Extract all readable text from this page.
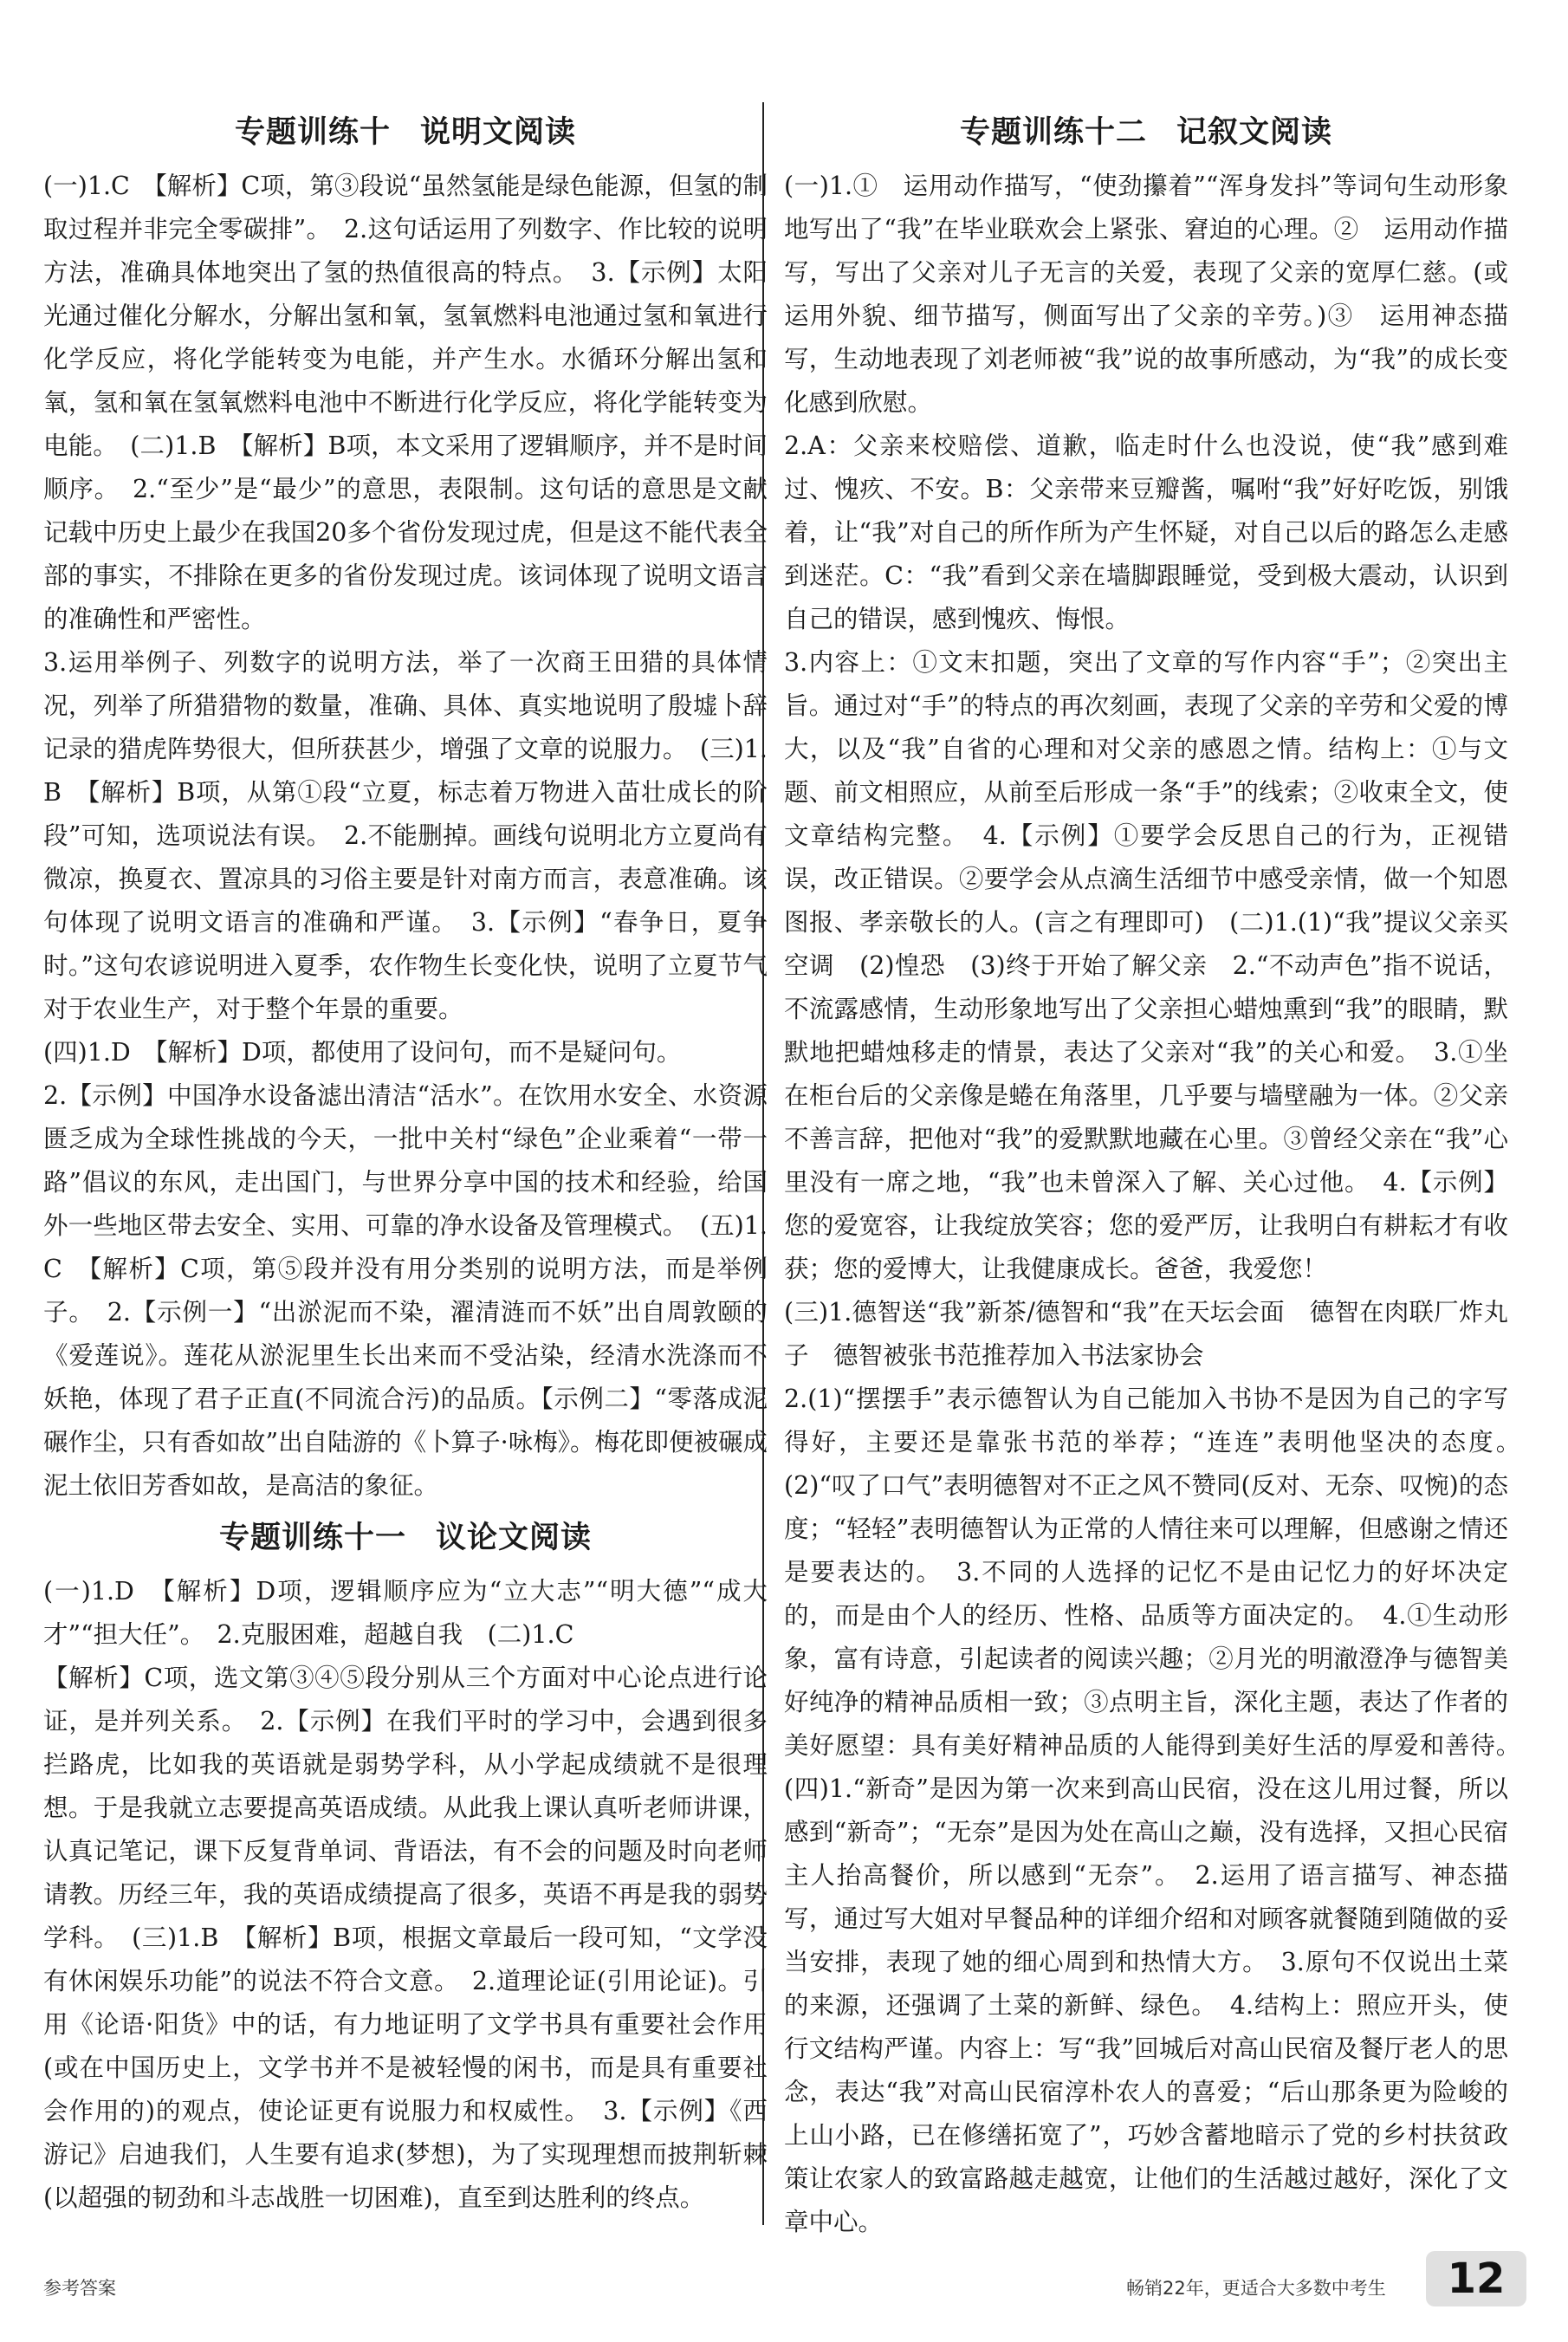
专题训练十 说明文阅读

(一)1.C　【解析】C项，第③段说“虽然氢能是绿色能源，但氢的制取过程并非完全零碳排”。　2.这句话运用了列数字、作比较的说明方法，准确具体地突出了氢的热值很高的特点。　3.【示例】太阳光通过催化分解水，分解出氢和氧，氢氧燃料电池通过氢和氧进行化学反应，将化学能转变为电能，并产生水。水循环分解出氢和氧，氢和氧在氢氧燃料电池中不断进行化学反应，将化学能转变为电能。　(二)1.B　【解析】B项，本文采用了逻辑顺序，并不是时间顺序。　2.“至少”是“最少”的意思，表限制。这句话的意思是文献记载中历史上最少在我国20多个省份发现过虎，但是这不能代表全部的事实，不排除在更多的省份发现过虎。该词体现了说明文语言的准确性和严密性。

3.运用举例子、列数字的说明方法，举了一次商王田猎的具体情况，列举了所猎猎物的数量，准确、具体、真实地说明了殷墟卜辞记录的猎虎阵势很大，但所获甚少，增强了文章的说服力。　(三)1.B　【解析】B项，从第①段“立夏，标志着万物进入苗壮成长的阶段”可知，选项说法有误。　2.不能删掉。画线句说明北方立夏尚有微凉，换夏衣、置凉具的习俗主要是针对南方而言，表意准确。该句体现了说明文语言的准确和严谨。　3.【示例】“春争日，夏争时。”这句农谚说明进入夏季，农作物生长变化快，说明了立夏节气对于农业生产，对于整个年景的重要。

(四)1.D　【解析】D项，都使用了设问句，而不是疑问句。

2.【示例】中国净水设备滤出清洁“活水”。在饮用水安全、水资源匮乏成为全球性挑战的今天，一批中关村“绿色”企业乘着“一带一路”倡议的东风，走出国门，与世界分享中国的技术和经验，给国外一些地区带去安全、实用、可靠的净水设备及管理模式。　(五)1.C　【解析】C项，第⑤段并没有用分类别的说明方法，而是举例子。　2.【示例一】“出淤泥而不染，濯清涟而不妖”出自周敦颐的《爱莲说》。莲花从淤泥里生长出来而不受沾染，经清水洗涤而不妖艳，体现了君子正直(不同流合污)的品质。【示例二】“零落成泥碾作尘，只有香如故”出自陆游的《卜算子·咏梅》。梅花即便被碾成泥土依旧芳香如故，是高洁的象征。

专题训练十一 议论文阅读

(一)1.D　【解析】D项，逻辑顺序应为“立大志”“明大德”“成大才”“担大任”。　2.克服困难，超越自我　(二)1.C

【解析】C项，选文第③④⑤段分别从三个方面对中心论点进行论证，是并列关系。　2.【示例】在我们平时的学习中，会遇到很多拦路虎，比如我的英语就是弱势学科，从小学起成绩就不是很理想。于是我就立志要提高英语成绩。从此我上课认真听老师讲课，认真记笔记，课下反复背单词、背语法，有不会的问题及时向老师请教。历经三年，我的英语成绩提高了很多，英语不再是我的弱势学科。　(三)1.B　【解析】B项，根据文章最后一段可知，“文学没有休闲娱乐功能”的说法不符合文意。　2.道理论证(引用论证)。引用《论语·阳货》中的话，有力地证明了文学书具有重要社会作用(或在中国历史上，文学书并不是被轻慢的闲书，而是具有重要社会作用的)的观点，使论证更有说服力和权威性。　3.【示例】《西游记》启迪我们，人生要有追求(梦想)，为了实现理想而披荆斩棘(以超强的韧劲和斗志战胜一切困难)，直至到达胜利的终点。

专题训练十二 记叙文阅读

(一)1.①　运用动作描写，“使劲攥着”“浑身发抖”等词句生动形象地写出了“我”在毕业联欢会上紧张、窘迫的心理。②　运用动作描写，写出了父亲对儿子无言的关爱，表现了父亲的宽厚仁慈。(或运用外貌、细节描写，侧面写出了父亲的辛劳。)③　运用神态描写，生动地表现了刘老师被“我”说的故事所感动，为“我”的成长变化感到欣慰。

2.A：父亲来校赔偿、道歉，临走时什么也没说，使“我”感到难过、愧疚、不安。B：父亲带来豆瓣酱，嘱咐“我”好好吃饭，别饿着，让“我”对自己的所作所为产生怀疑，对自己以后的路怎么走感到迷茫。C：“我”看到父亲在墙脚跟睡觉，受到极大震动，认识到自己的错误，感到愧疚、悔恨。

3.内容上：①文末扣题，突出了文章的写作内容“手”；②突出主旨。通过对“手”的特点的再次刻画，表现了父亲的辛劳和父爱的博大，以及“我”自省的心理和对父亲的感恩之情。结构上：①与文题、前文相照应，从前至后形成一条“手”的线索；②收束全文，使文章结构完整。　4.【示例】①要学会反思自己的行为，正视错误，改正错误。②要学会从点滴生活细节中感受亲情，做一个知恩图报、孝亲敬长的人。(言之有理即可)　(二)1.(1)“我”提议父亲买空调　(2)惶恐　(3)终于开始了解父亲　2.“不动声色”指不说话，不流露感情，生动形象地写出了父亲担心蜡烛熏到“我”的眼睛，默默地把蜡烛移走的情景，表达了父亲对“我”的关心和爱。　3.①坐在柜台后的父亲像是蜷在角落里，几乎要与墙壁融为一体。②父亲不善言辞，把他对“我”的爱默默地藏在心里。③曾经父亲在“我”心里没有一席之地，“我”也未曾深入了解、关心过他。　4.【示例】您的爱宽容，让我绽放笑容；您的爱严厉，让我明白有耕耘才有收获；您的爱博大，让我健康成长。爸爸，我爱您！

(三)1.德智送“我”新茶/德智和“我”在天坛会面　德智在肉联厂炸丸子　德智被张书范推荐加入书法家协会

2.(1)“摆摆手”表示德智认为自己能加入书协不是因为自己的字写得好，主要还是靠张书范的举荐；“连连”表明他坚决的态度。　(2)“叹了口气”表明德智对不正之风不赞同(反对、无奈、叹惋)的态度；“轻轻”表明德智认为正常的人情往来可以理解，但感谢之情还是要表达的。　3.不同的人选择的记忆不是由记忆力的好坏决定的，而是由个人的经历、性格、品质等方面决定的。　4.①生动形象，富有诗意，引起读者的阅读兴趣；②月光的明澈澄净与德智美好纯净的精神品质相一致；③点明主旨，深化主题，表达了作者的美好愿望：具有美好精神品质的人能得到美好生活的厚爱和善待。　(四)1.“新奇”是因为第一次来到高山民宿，没在这儿用过餐，所以感到“新奇”；“无奈”是因为处在高山之巅，没有选择，又担心民宿主人抬高餐价，所以感到“无奈”。　2.运用了语言描写、神态描写，通过写大姐对早餐品种的详细介绍和对顾客就餐随到随做的妥当安排，表现了她的细心周到和热情大方。　3.原句不仅说出土菜的来源，还强调了土菜的新鲜、绿色。　4.结构上：照应开头，使行文结构严谨。内容上：写“我”回城后对高山民宿及餐厅老人的思念，表达“我”对高山民宿淳朴农人的喜爱；“后山那条更为险峻的上山小路，已在修缮拓宽了”，巧妙含蓄地暗示了党的乡村扶贫政策让农家人的致富路越走越宽，让他们的生活越过越好，深化了文章中心。

参考答案	畅销22年，更适合大多数中考生	12
